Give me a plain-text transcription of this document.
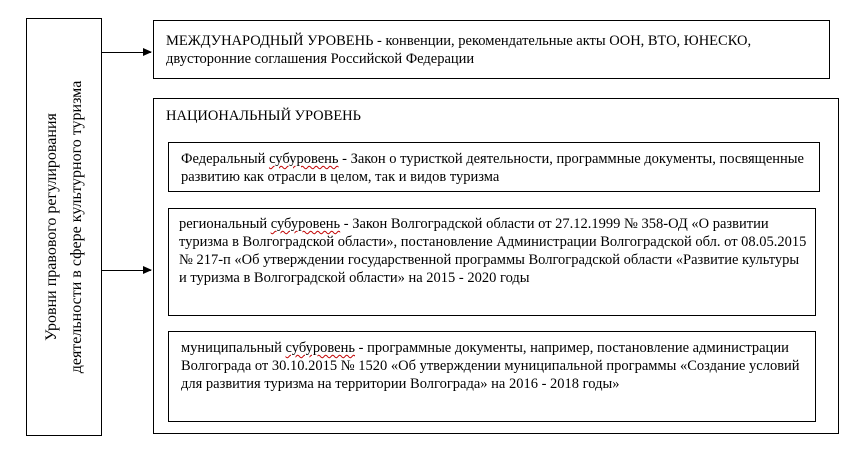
Уровни правового регулирования деятельности в сфере культурного туризма
МЕЖДУНАРОДНЫЙ УРОВЕНЬ - конвенции, рекомендательные акты ООН, ВТО, ЮНЕСКО, двусторонние соглашения Российской Федерации
НАЦИОНАЛЬНЫЙ УРОВЕНЬ
Федеральный субуровень - Закон о туристкой деятельности, программные документы, посвященные развитию как отрасли в целом, так и видов туризма
региональный субуровень - Закон Волгоградской области от 27.12.1999 № 358-ОД «О развитии туризма в Волгоградской области», постановление Администрации Волгоградской обл. от 08.05.2015 № 217-п «Об утверждении государственной программы Волгоградской области «Развитие культуры и туризма в Волгоградской области» на 2015 - 2020 годы
муниципальный субуровень - программные документы, например, постановление администрации Волгограда от 30.10.2015 № 1520 «Об утверждении муниципальной программы «Создание условий для развития туризма на территории Волгограда» на 2016 - 2018 годы»
